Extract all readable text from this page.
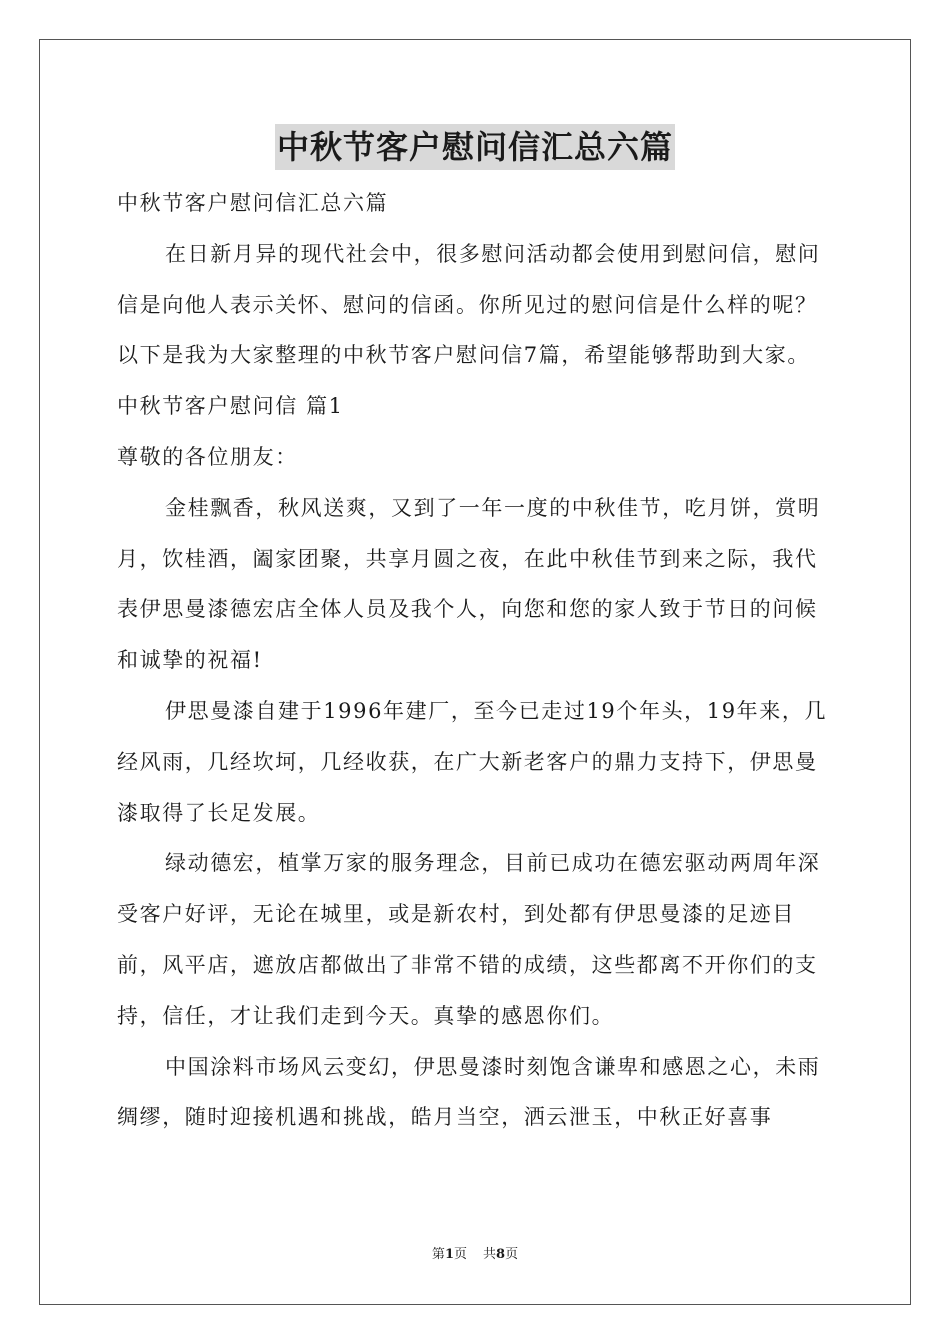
中秋节客户慰问信汇总六篇

中秋节客户慰问信汇总六篇

在日新月异的现代社会中，很多慰问活动都会使用到慰问信，慰问信是向他人表示关怀、慰问的信函。你所见过的慰问信是什么样的呢？以下是我为大家整理的中秋节客户慰问信7篇，希望能够帮助到大家。

中秋节客户慰问信 篇1

尊敬的各位朋友：

金桂飘香，秋风送爽，又到了一年一度的中秋佳节，吃月饼，赏明月，饮桂酒，阖家团聚，共享月圆之夜，在此中秋佳节到来之际，我代表伊思曼漆德宏店全体人员及我个人，向您和您的家人致于节日的问候和诚挚的祝福!

伊思曼漆自建于1996年建厂，至今已走过19个年头，19年来，几经风雨，几经坎坷，几经收获，在广大新老客户的鼎力支持下，伊思曼漆取得了长足发展。

绿动德宏，植掌万家的服务理念，目前已成功在德宏驱动两周年深受客户好评，无论在城里，或是新农村，到处都有伊思曼漆的足迹目前，风平店，遮放店都做出了非常不错的成绩，这些都离不开你们的支持，信任，才让我们走到今天。真挚的感恩你们。

中国涂料市场风云变幻，伊思曼漆时刻饱含谦卑和感恩之心，未雨绸缪，随时迎接机遇和挑战，皓月当空，洒云泄玉，中秋正好喜事

第1页 共8页
